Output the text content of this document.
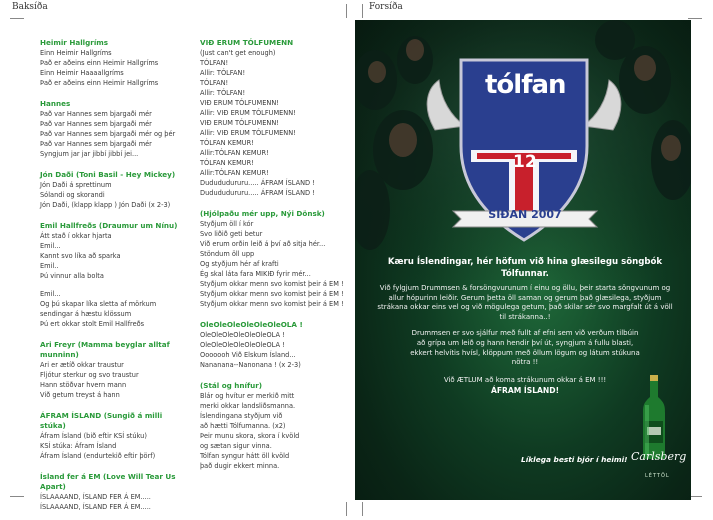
Baksíða	Forsíða
Heimir Hallgríms
Einn Heimir Hallgríms
Það er aðeins einn Heimir Hallgríms
Einn Heimir Haaaallgríms
Það er aðeins einn Heimir Hallgríms
Hannes
Það var Hannes sem bjargaði mér
Það var Hannes sem bjargaði mér
Það var Hannes sem bjargaði mér og þér
Það var Hannes sem bjargaði mér
Syngjum jar jar jibbí jibbí jei...
Jón Daði (Toni Basil - Hey Mickey)
Jón Daði á sprettinum
Sólandi og skorandi
Jón Daði, (klapp klapp ) Jón Daði (x 2-3)
Emil Hallfreðs (Draumur um Nínu)
Átt stað í okkar hjarta
Emil...
Kannt svo líka að sparka
Emil..
Þú vinnur alla bolta
Emil...
Og þú skapar líka sletta af mörkum
sendingar á hæstu klössum
Þú ert okkar stolt Emil Hallfreðs
Ari Freyr (Mamma beyglar alltaf munninn)
Ari er ætíð okkar traustur
Fljótur sterkur og svo traustur
Hann stöðvar hvern mann
Við getum treyst á hann
ÁFRAM ÍSLAND (Sungið á milli stúka)
Áfram Ísland (bið eftir KSÍ stúku)
KSÍ stúka: Áfram Ísland
Áfram Ísland (endurtekið eftir þörf)
Ísland fer á EM (Love Will Tear Us Apart)
ÍSLAAAAND, ÍSLAND FER Á EM.....
ÍSLAAAAND, ÍSLAND FER Á EM.....
VIÐ ERUM TÓLFUMENN
(Just can't get enough)
TÓLFAN!
Allir: TÓLFAN!
TÓLFAN!
Allir: TÓLFAN!
VIÐ ERUM TÓLFUMENN!
Allir: VIÐ ERUM TÓLFUMENN!
VIÐ ERUM TÓLFUMENN!
Allir: VIÐ ERUM TÓLFUMENN!
TÓLFAN KEMUR!
Allir:TÓLFAN KEMUR!
TÓLFAN KEMUR!
Allir:TÓLFAN KEMUR!
Dudududururu..... ÁFRAM ÍSLAND !
Dudududururu..... ÁFRAM ÍSLAND !
(Hjólpaðu mér upp, Nýi Dönsk)
Styðjum öll í kór
Svo liðið geti betur
Við erum orðin leið á því að sitja hér...
Stöndum öll upp
Og styðjum hér af krafti
Ég skal láta fara MIKIÐ fyrir mér...
Styðjum okkar menn svo komist þeir á EM !
Styðjum okkar menn svo komist þeir á EM !
Styðjum okkar menn svo komist þeir á EM !
OleOleOleOleOleOleOLA !
OleOleOleOleOleOleOLA !
OleOleOleOleOleOleOLA !
Ooooooh Við Elskum Ísland...
Nananana--Nanonana ! (x 2-3)
(Stál og hnífur)
Blár og hvítur er merkið mitt
merki okkar landsliðsmanna.
Íslendingana styðjum við
að hætti Tólfumanna. (x2)
Þeir munu skora, skora í kvöld
og sætan sigur vinna.
Tólfan syngur hátt öll kvöld
það dugir ekkert minna.
tólfan
12
SÍÐAN 2007
Kæru Íslendingar, hér höfum við hina glæsilegu söngbók Tólfunnar.
Við fylgjum Drummsen & forsöngvurunum í einu og öllu, þeir starta söngvunum og allur hópurinn leiðir. Gerum þetta öll saman og gerum það glæsilega, styðjum strákana okkar eins vel og við mögulega getum, það skilar sér svo margfalt út á völl til strákanna..!
Drummsen er svo sjálfur með fullt af efni sem við verðum tilbúin að grípa um leið og hann hendir því út, syngjum á fullu blasti, ekkert helvítis hvísl, klöppum með öllum lögum og látum stúkuna nötra !!
Við ÆTLUM að koma strákunum okkar á EM !!!
ÁFRAM ÍSLAND!
Líklega besti bjór í heimi! Carlsberg
LÉTTÖL
